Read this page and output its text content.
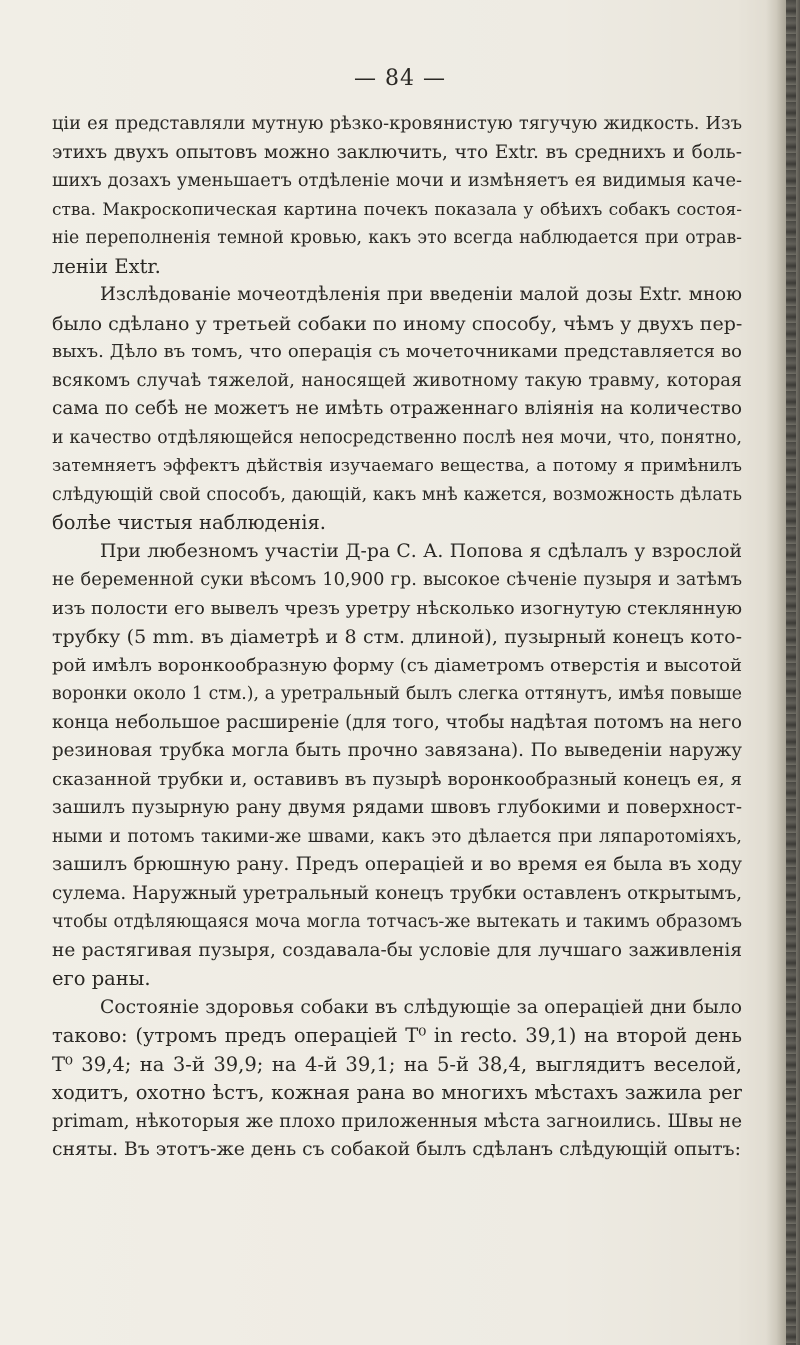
— 84 —
ціи ея представляли мутную рѣзко-кровянистую тягучую жидкость. Изъ
этихъ двухъ опытовъ можно заключить, что Extr. въ среднихъ и боль-
шихъ дозахъ уменьшаетъ отдѣленіе мочи и измѣняетъ ея видимыя каче-
ства. Макроскопическая картина почекъ показала у обѣихъ собакъ состоя-
ніе переполненія темной кровью, какъ это всегда наблюдается при отрав-
леніи Extr.
Изслѣдованіе мочеотдѣленія при введеніи малой дозы Extr. мною
было сдѣлано у третьей собаки по иному способу, чѣмъ у двухъ пер-
выхъ. Дѣло въ томъ, что операція съ мочеточниками представляется во
всякомъ случаѣ тяжелой, наносящей животному такую травму, которая
сама по себѣ не можетъ не имѣть отраженнаго вліянія на количество
и качество отдѣляющейся непосредственно послѣ нея мочи, что, понятно,
затемняетъ эффектъ дѣйствія изучаемаго вещества, а потому я примѣнилъ
слѣдующій свой способъ, дающій, какъ мнѣ кажется, возможность дѣлать
болѣе чистыя наблюденія.
При любезномъ участіи Д-ра С. А. Попова я сдѣлалъ у взрослой
не беременной суки вѣсомъ 10,900 гр. высокое сѣченіе пузыря и затѣмъ
изъ полости его вывелъ чрезъ уретру нѣсколько изогнутую стеклянную
трубку (5 mm. въ діаметрѣ и 8 стм. длиной), пузырный конецъ кото-
рой имѣлъ воронкообразную форму (съ діаметромъ отверстія и высотой
воронки около 1 стм.), а уретральный былъ слегка оттянутъ, имѣя повыше
конца небольшое расширеніе (для того, чтобы надѣтая потомъ на него
резиновая трубка могла быть прочно завязана). По выведеніи наружу
сказанной трубки и, оставивъ въ пузырѣ воронкообразный конецъ ея, я
зашилъ пузырную рану двумя рядами швовъ глубокими и поверхност-
ными и потомъ такими-же швами, какъ это дѣлается при ляпаротоміяхъ,
зашилъ брюшную рану. Предъ операціей и во время ея была въ ходу
сулема. Наружный уретральный конецъ трубки оставленъ открытымъ,
чтобы отдѣляющаяся моча могла тотчасъ-же вытекать и такимъ образомъ
не растягивая пузыря, создавала-бы условіе для лучшаго заживленія
его раны.
Состояніе здоровья собаки въ слѣдующіе за операціей дни было
таково: (утромъ предъ операціей T⁰ in recto. 39,1) на второй день
T⁰ 39,4; на 3-й 39,9; на 4-й 39,1; на 5-й 38,4, выглядитъ веселой,
ходитъ, охотно ѣстъ, кожная рана во многихъ мѣстахъ зажила per
primam, нѣкоторыя же плохо приложенныя мѣста загноились. Швы не
сняты. Въ этотъ-же день съ собакой былъ сдѣланъ слѣдующій опытъ:
